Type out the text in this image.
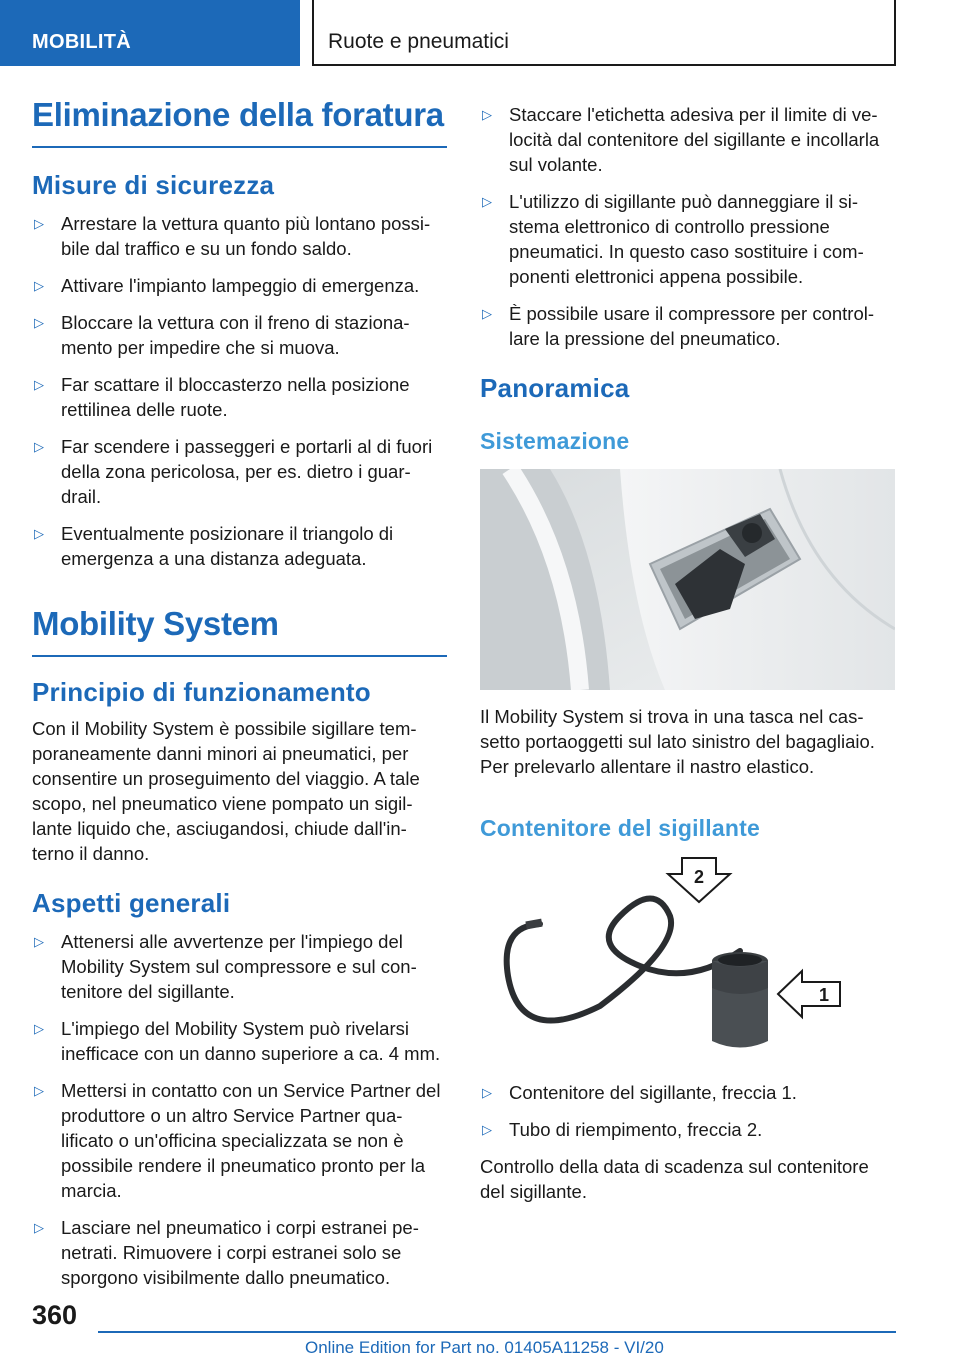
MOBILITÀ	Ruote e pneumatici
Eliminazione della foratura
Misure di sicurezza
▷ Arrestare la vettura quanto più lontano possi-bile dal traffico e su un fondo saldo.
▷ Attivare l'impianto lampeggio di emergenza.
▷ Bloccare la vettura con il freno di staziona-mento per impedire che si muova.
▷ Far scattare il bloccasterzo nella posizione rettilinea delle ruote.
▷ Far scendere i passeggeri e portarli al di fuori della zona pericolosa, per es. dietro i guar-drail.
▷ Eventualmente posizionare il triangolo di emergenza a una distanza adeguata.
Mobility System
Principio di funzionamento

Con il Mobility System è possibile sigillare tem-poraneamente danni minori ai pneumatici, per consentire un proseguimento del viaggio. A tale scopo, nel pneumatico viene pompato un sigil-lante liquido che, asciugandosi, chiude dall'in-terno il danno.

Aspetti generali
▷ Attenersi alle avvertenze per l'impiego del Mobility System sul compressore e sul con-tenitore del sigillante.
▷ L'impiego del Mobility System può rivelarsi inefficace con un danno superiore a ca. 4 mm.
▷ Mettersi in contatto con un Service Partner del produttore o un altro Service Partner qua-lificato o un'officina specializzata se non è possibile rendere il pneumatico pronto per la marcia.
▷ Lasciare nel pneumatico i corpi estranei pe-netrati. Rimuovere i corpi estranei solo se sporgono visibilmente dallo pneumatico.
▷ Staccare l'etichetta adesiva per il limite di ve-locità dal contenitore del sigillante e incollarla sul volante.
▷ L'utilizzo di sigillante può danneggiare il si-stema elettronico di controllo pressione pneumatici. In questo caso sostituire i com-ponenti elettronici appena possibile.
▷ È possibile usare il compressore per control-lare la pressione del pneumatico.
Panoramica
Sistemazione

Il Mobility System si trova in una tasca nel cas-setto portaoggetti sul lato sinistro del bagagliaio. Per prelevarlo allentare il nastro elastico.

Contenitore del sigillante
2
1
▷ Contenitore del sigillante, freccia 1.
▷ Tubo di riempimento, freccia 2.

Controllo della data di scadenza sul contenitore del sigillante.

360
Online Edition for Part no. 01405A11258 - VI/20
